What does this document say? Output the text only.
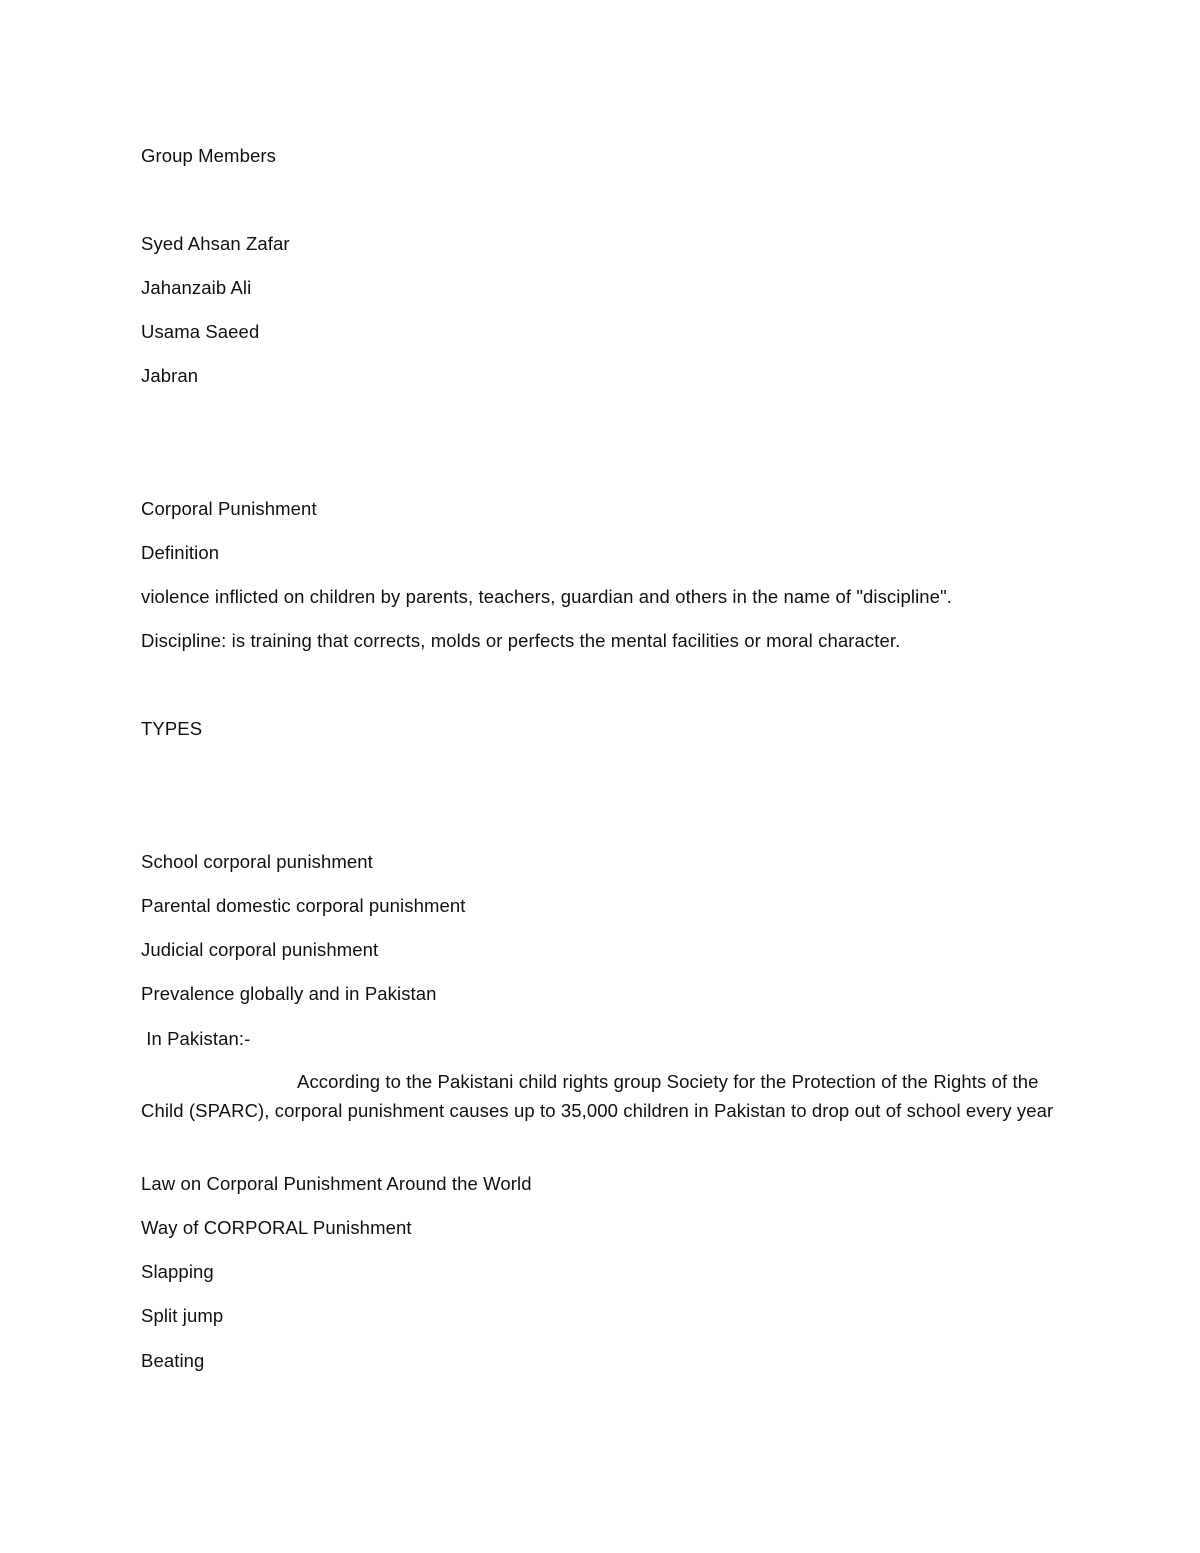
Group Members
Syed Ahsan Zafar
Jahanzaib Ali
Usama Saeed
Jabran
Corporal Punishment
Definition
violence inflicted on children by parents, teachers, guardian and others in the name of "discipline".
Discipline: is training that corrects, molds or perfects the mental facilities or moral character.
TYPES
School corporal punishment
Parental domestic corporal punishment
Judicial corporal punishment
Prevalence globally and in Pakistan
In Pakistan:-
According to the Pakistani child rights group Society for the Protection of the Rights of the Child (SPARC), corporal punishment causes up to 35,000 children in Pakistan to drop out of school every year
Law on Corporal Punishment Around the World
Way of CORPORAL Punishment
Slapping
Split jump
Beating
